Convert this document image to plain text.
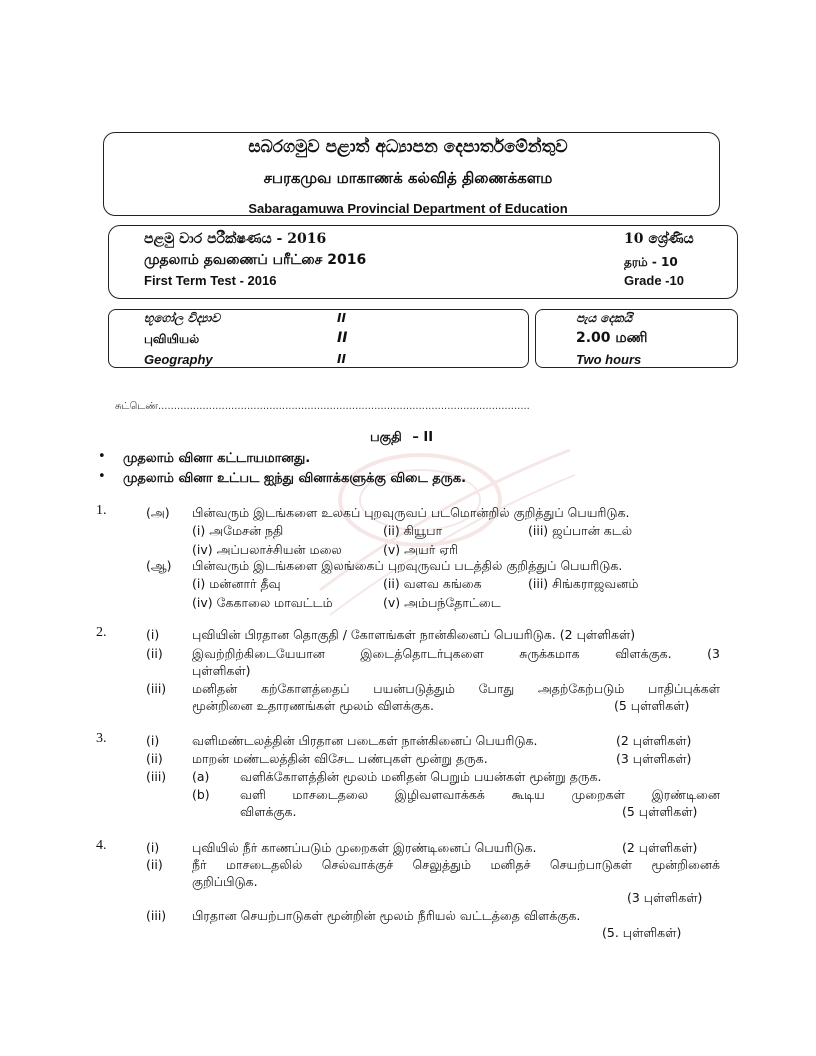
සබරගමුව පළාත් අධ්‍යාපන දෙපාර්තමේන්තුව
சபரகமுவ மாகாணக் கல்வித் திணைக்களம
Sabaragamuwa Provincial Department of Education
පළමු වාර පරීක්ෂණය - 2016
முதலாம் தவணைப் பரீட்சை 2016
First Term Test - 2016
10 ශ්‍රේණිය
தரம் - 10
Grade -10
භූගෝල විද්‍යාව	II
புவியியல்	II
Geography	II
පැය දෙකයි
2.00 மணி
Two hours
சுட்டெண்.....................................................................................................................
பகுதி – II
• முதலாம் வினா கட்டாயமானது.
• முதலாம் வினா உட்பட ஐந்து வினாக்களுக்கு விடை தருக.
1.	(அ) பின்வரும் இடங்களை உலகப் புறவுருவப் படமொன்றில் குறித்துப் பெயரிடுக.
(i) அமேசன் நதி	(ii) கியூபா	(iii) ஜப்பான் கடல்
(iv) அப்பலாச்சியன் மலை	(v) அயர் ஏரி
(ஆ) பின்வரும் இடங்களை இலங்கைப் புறவுருவப் படத்தில் குறித்துப் பெயரிடுக.
(i) மன்னார் தீவு	(ii) வளவ கங்கை	(iii) சிங்கராஜவனம்
(iv) கேகாலை மாவட்டம்	(v) அம்பந்தோட்டை
2.	(i)	புவியின் பிரதான தொகுதி / கோளங்கள் நான்கினைப் பெயரிடுக. (2 புள்ளிகள்)
(ii) இவற்றிற்கிடையேயான இடைத்தொடர்புகளை சுருக்கமாக விளக்குக. (3
புள்ளிகள்)
(iii) மனிதன் கற்கோளத்தைப் பயன்படுத்தும் போது அதற்கேற்படும் பாதிப்புக்கள்
மூன்றினை உதாரணங்கள் மூலம் விளக்குக.	(5 புள்ளிகள்)
3.	(i)	வளிமண்டலத்தின் பிரதான படைகள் நான்கினைப் பெயரிடுக.	(2 புள்ளிகள்)
(ii) மாறன் மண்டலத்தின் விசேட பண்புகள் மூன்று தருக.	(3 புள்ளிகள்)
(iii) (a) வளிக்கோளத்தின் மூலம் மனிதன் பெறும் பயன்கள் மூன்று தருக.
(b) வளி மாசடைதலை இழிவளவாக்கக் கூடிய முறைகள் இரண்டினை
விளக்குக.	(5 புள்ளிகள்)
4.	(i)	புவியில் நீர் காணப்படும் முறைகள் இரண்டினைப் பெயரிடுக.	(2 புள்ளிகள்)
(ii) நீர் மாசடைதலில் செல்வாக்குச் செலுத்தும் மனிதச் செயற்பாடுகள் மூன்றினைக்
குறிப்பிடுக.
(3 புள்ளிகள்)
(iii) பிரதான செயற்பாடுகள் மூன்றின் மூலம் நீரியல் வட்டத்தை விளக்குக.
(5. புள்ளிகள்)
